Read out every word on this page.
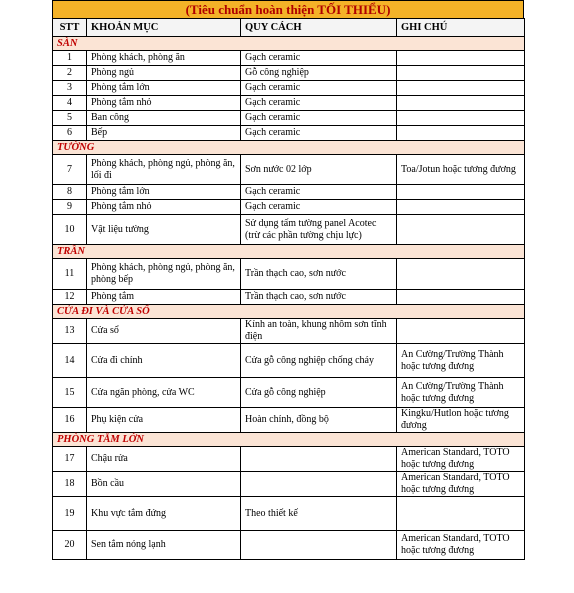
(Tiêu chuẩn hoàn thiện TỐI THIỂU)
STT	KHOẢN MỤC	QUY CÁCH	GHI CHÚ
SÀN			
1	Phòng khách, phòng ăn	Gạch ceramic	
2	Phòng ngủ	Gỗ công nghiệp	
3	Phòng tắm lớn	Gạch ceramic	
4	Phòng tắm nhỏ	Gạch ceramic	
5	Ban công	Gạch ceramic	
6	Bếp	Gạch ceramic	
TƯỜNG			
7	Phòng khách, phòng ngủ, phòng ăn, lối đi	Sơn nước 02 lớp	Toa/Jotun hoặc tương đương
8	Phòng tắm lớn	Gạch ceramic	
9	Phòng tắm nhỏ	Gạch ceramic	
10	Vật liệu tường	Sử dụng tấm tường panel Acotec (trừ các phần tường chịu lực)	
TRẦN			
11	Phòng khách, phòng ngủ, phòng ăn, phòng bếp	Trần thạch cao, sơn nước	
12	Phòng tắm	Trần thạch cao, sơn nước	
CỬA ĐI VÀ CỬA SỔ			
13	Cửa sổ	Kính an toàn, khung nhôm sơn tĩnh điện	
14	Cửa đi chính	Cửa gỗ công nghiệp chống cháy	An Cường/Trường Thành hoặc tương đương
15	Cửa ngăn phòng, cửa WC	Cửa gỗ công nghiệp	An Cường/Trường Thành hoặc tương đương
16	Phụ kiện cửa	Hoàn chỉnh, đồng bộ	Kingku/Hutlon hoặc tương đương
PHÒNG TẮM LỚN			
17	Chậu rửa		American Standard, TOTO hoặc tương đương
18	Bồn cầu		American Standard, TOTO hoặc tương đương
19	Khu vực tắm đứng	Theo thiết kế	
20	Sen tắm nóng lạnh		American Standard, TOTO hoặc tương đương
